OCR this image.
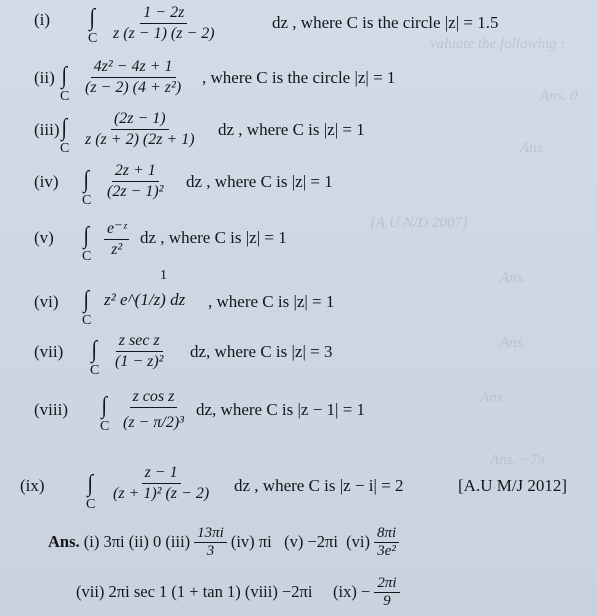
valuate the following :
Ans. 0
Ans.
[A.U N/D 2007]
Ans.
Ans.
Ans.
Ans. −7π
(i) ∫
C $\frac{1 - 2z}{z (z - 1) (z - 2)}$	dz , where C is the circle |z| = 1.5
(ii) ∫
C $\frac{\text{4z² − 4z + 1}}{\text{(z − 2) (4 + z²)}}$ , where C is the circle |z| = 1
(iii) ∫
C $\frac{(2z - 1)}{z (z + 2) (2z + 1)}$ dz , where C is |z| = 1
(iv) ∫
C $\frac{2z + 1}{\text{(2z − 1)²}}$ dz , where C is |z| = 1
(v) ∫
C $\frac{\text{e⁻ᶻ}}{\text{z²}}$ dz , where C is |z| = 1
(vi) ∫
C
1
z² e^(1/z) dz , where C is |z| = 1
(vii) ∫
C $\frac{\text{z sec z}}{\text{(1 − z)²}}$ dz, where C is |z| = 3
(viii) ∫
C $\frac{\text{z cos z}}{\text{(z − π/2)³}}$ dz, where C is |z − 1| = 1
(ix) ∫
C
$\frac{z - 1}{\text{(z + 1)² (z − 2)}}$ dz , where C is |z − i| = 2	[A.U M/J 2012]
Ans.
(i) 3πi (ii) 0 $(iii) \frac{13\pi i}{3} (iv)$ πi   (v) −2πi  $(vi) \frac{8\pi i}{\text{3e²}}$
(vii) 2πi sec 1 (1 + tan 1) (viii) −2πi     $(ix) - \frac{2\pi i}{9}$
